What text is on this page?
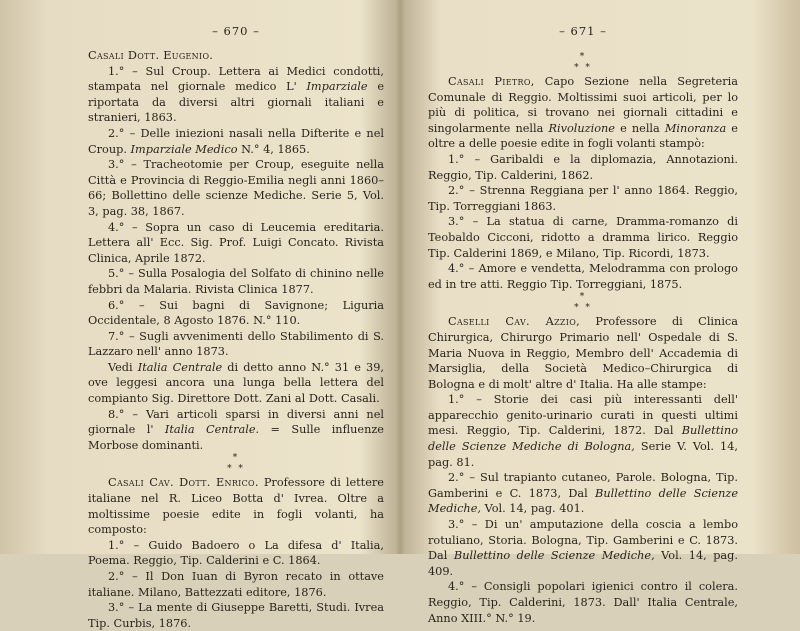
– 670 –

Casali Dott. Eugenio.

1.° – Sul Croup. Lettera ai Medici condotti, stampata nel giornale medico L' Imparziale e riportata da diversi altri giornali italiani e stranieri, 1863.

2.° – Delle iniezioni nasali nella Difterite e nel Croup. Imparziale Medico N.° 4, 1865.

3.° – Tracheotomie per Croup, eseguite nella Città e Provincia di Reggio-Emilia negli anni 1860–66; Bollettino delle scienze Mediche. Serie 5, Vol. 3, pag. 38, 1867.

4.° – Sopra un caso di Leucemia ereditaria. Lettera all' Ecc. Sig. Prof. Luigi Concato. Rivista Clinica, Aprile 1872.

5.° – Sulla Posalogia del Solfato di chinino nelle febbri da Malaria. Rivista Clinica 1877.

6.° – Sui bagni di Savignone; Liguria Occidentale, 8 Agosto 1876. N.° 110.

7.° – Sugli avvenimenti dello Stabilimento di S. Lazzaro nell' anno 1873.

Vedi Italia Centrale di detto anno N.° 31 e 39, ove leggesi ancora una lunga bella lettera del compianto Sig. Direttore Dott. Zani al Dott. Casali.

8.° – Vari articoli sparsi in diversi anni nel giornale l' Italia Centrale. = Sulle influenze Morbose dominanti.

*
* *

Casali Cav. Dott. Enrico. Professore di lettere italiane nel R. Liceo Botta d' Ivrea. Oltre a moltissime poesie edite in fogli volanti, ha composto:

1.° – Guido Badoero o La difesa d' Italia, Poema. Reggio, Tip. Calderini e C. 1864.

2.° – Il Don Iuan di Byron recato in ottave italiane. Milano, Battezzati editore, 1876.

3.° – La mente di Giuseppe Baretti, Studi. Ivrea Tip. Curbis, 1876.

– 671 –

*
* *

Casali Pietro, Capo Sezione nella Segreteria Comunale di Reggio. Moltissimi suoi articoli, per lo più di politica, si trovano nei giornali cittadini e singolarmente nella Rivoluzione e nella Minoranza e oltre a delle poesie edite in fogli volanti stampò:

1.° – Garibaldi e la diplomazia, Annotazioni. Reggio, Tip. Calderini, 1862.

2.° – Strenna Reggiana per l' anno 1864. Reggio, Tip. Torreggiani 1863.

3.° – La statua di carne, Dramma-romanzo di Teobaldo Cicconi, ridotto a dramma lirico. Reggio Tip. Calderini 1869, e Milano, Tip. Ricordi, 1873.

4.° – Amore e vendetta, Melodramma con prologo ed in tre atti. Reggio Tip. Torreggiani, 1875.

*
* *

Caselli Cav. Azzio, Professore di Clinica Chirurgica, Chirurgo Primario nell' Ospedale di S. Maria Nuova in Reggio, Membro dell' Accademia di Marsiglia, della Società Medico–Chirurgica di Bologna e di molt' altre d' Italia. Ha alle stampe:

1.° – Storie dei casi più interessanti dell' apparecchio genito-urinario curati in questi ultimi mesi. Reggio, Tip. Calderini, 1872. Dal Bullettino delle Scienze Mediche di Bologna, Serie V. Vol. 14, pag. 81.

2.° – Sul trapianto cutaneo, Parole. Bologna, Tip. Gamberini e C. 1873, Dal Bullettino delle Scienze Mediche, Vol. 14, pag. 401.

3.° – Di un' amputazione della coscia a lembo rotuliano, Storia. Bologna, Tip. Gamberini e C. 1873. Dal Bullettino delle Scienze Mediche, Vol. 14, pag. 409.

4.° – Consigli popolari igienici contro il colera. Reggio, Tip. Calderini, 1873. Dall' Italia Centrale, Anno XIII.° N.° 19.
